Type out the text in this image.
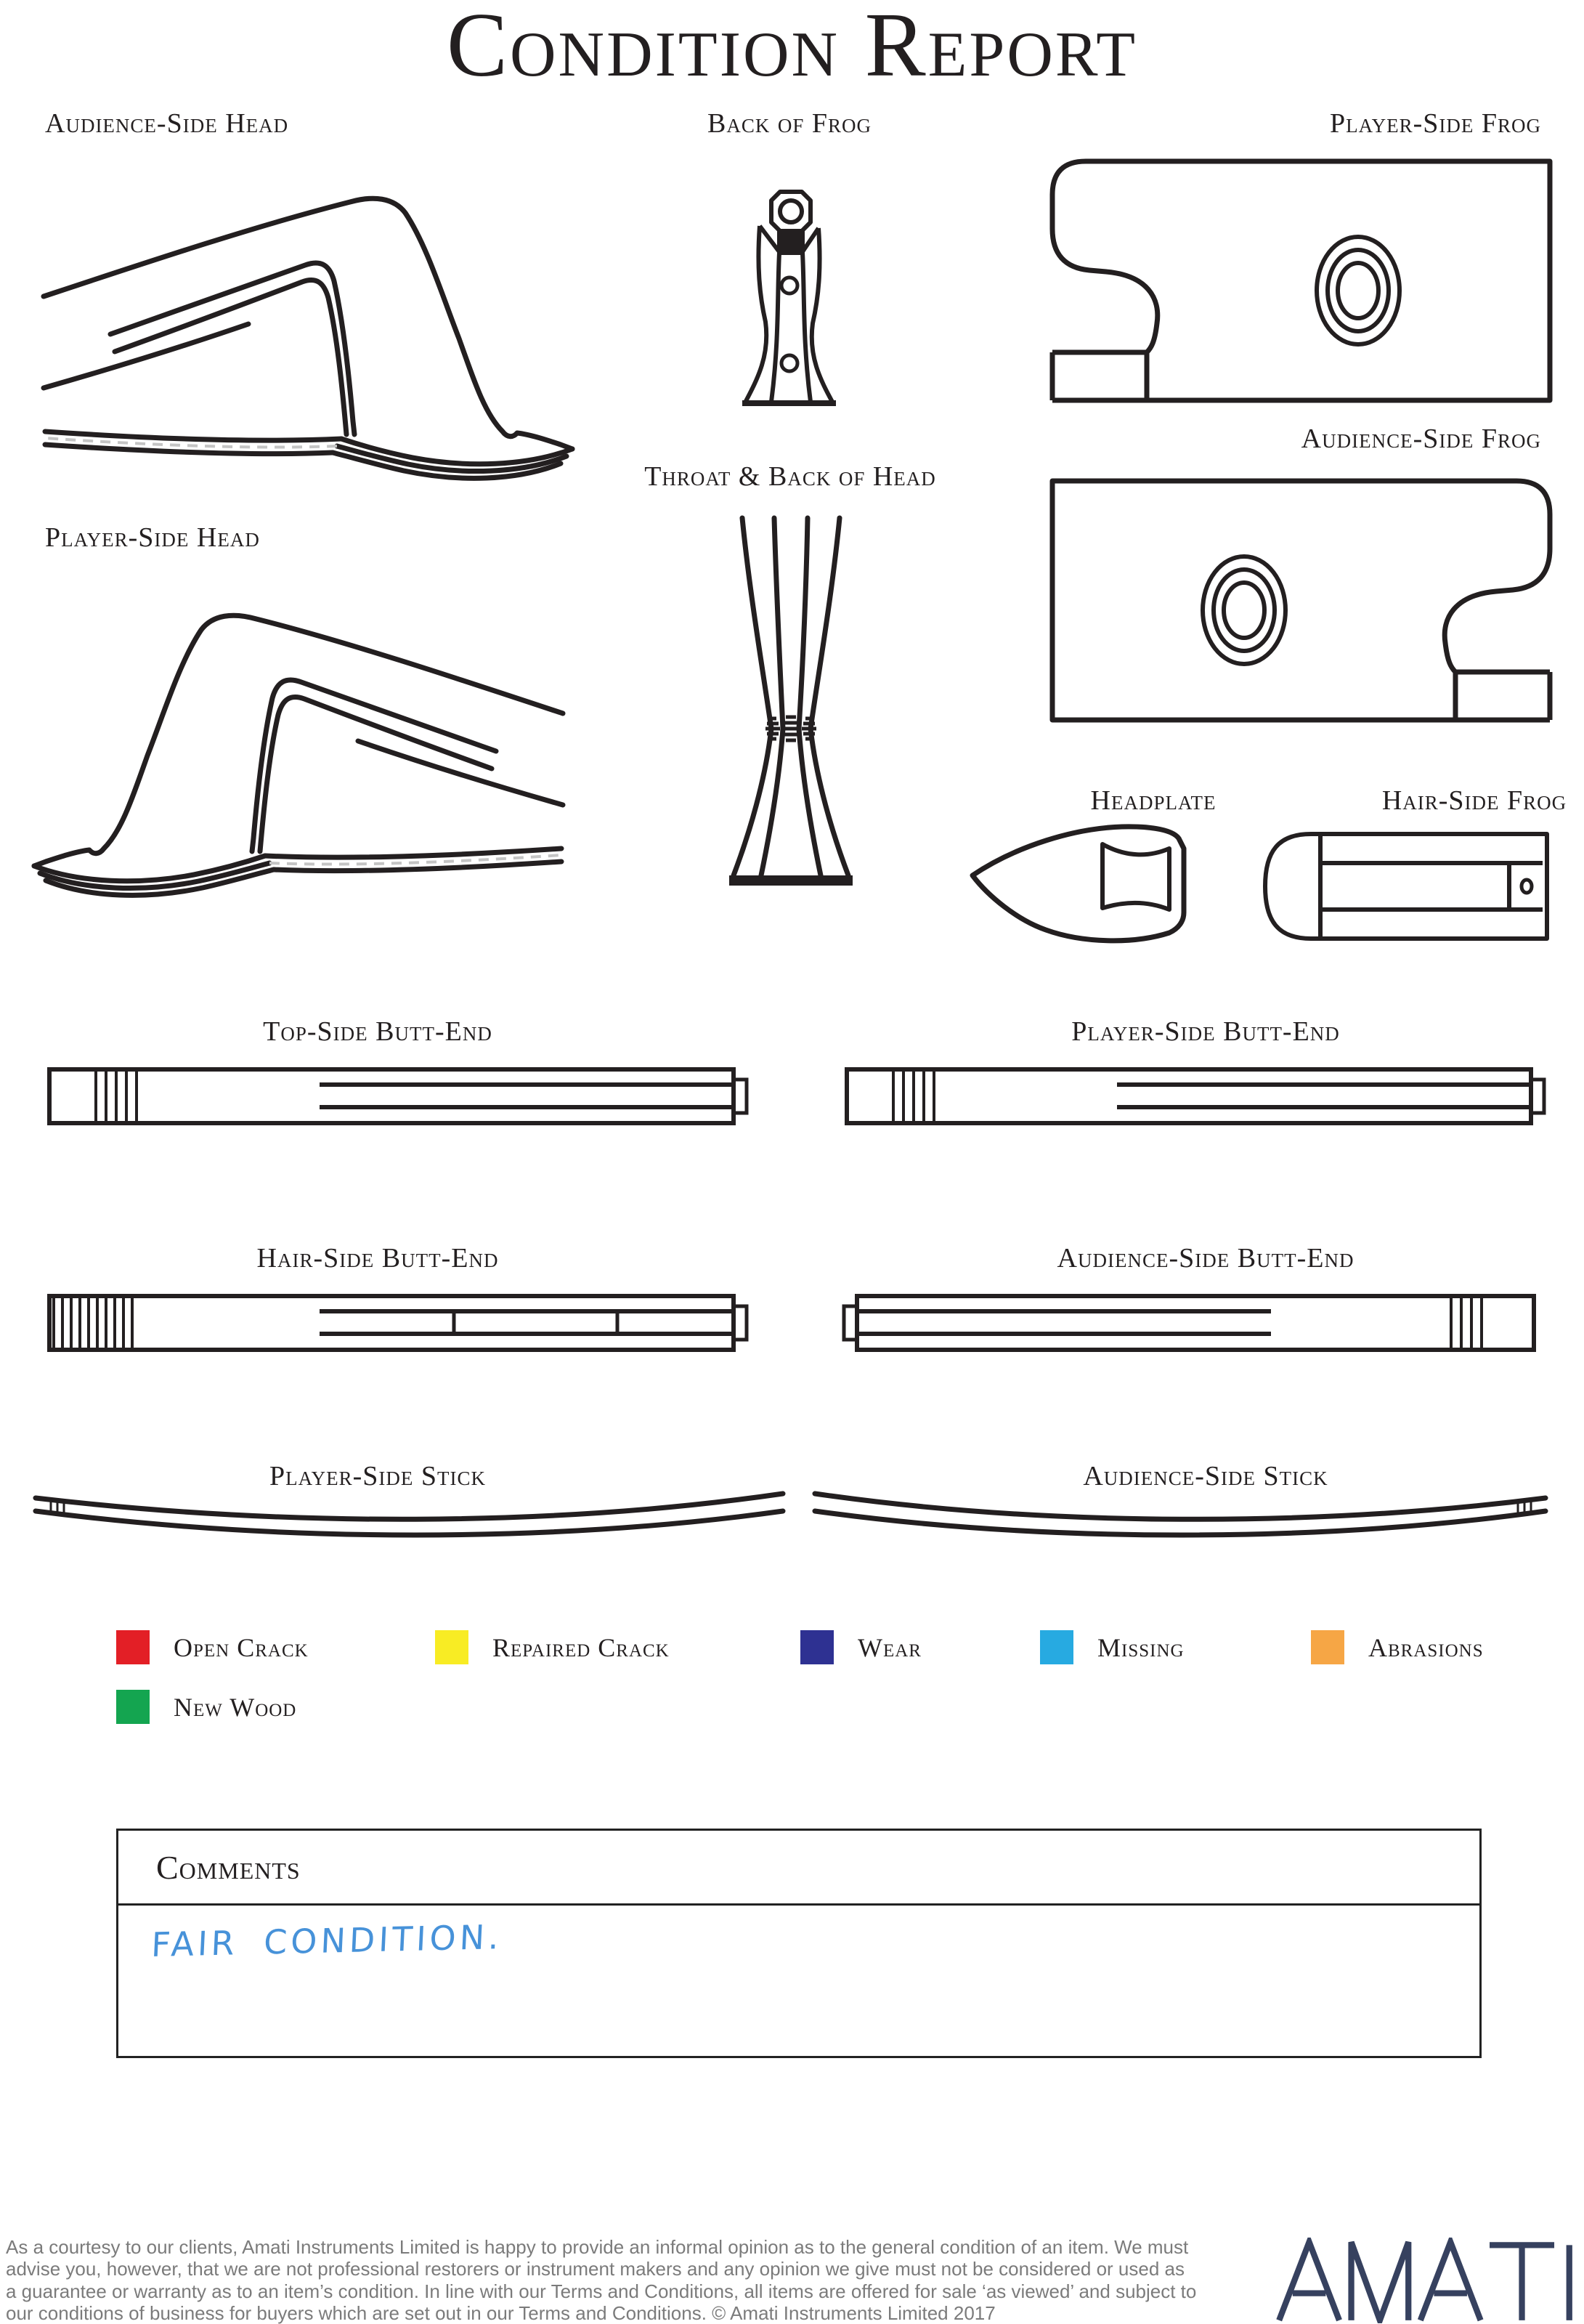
Condition Report
Audience-Side Head	Back of Frog	Player-Side Frog
Audience-Side Frog
Player-Side Head
Throat & Back of Head
Headplate	Hair-Side Frog
Top-Side Butt-End	Player-Side Butt-End
Hair-Side Butt-End	Audience-Side Butt-End
Player-Side Stick	Audience-Side Stick
Open Crack	Repaired Crack	Wear	Missing	Abrasions
New Wood
Comments
FAIR CONDITION.
As a courtesy to our clients, Amati Instruments Limited is happy to provide an informal opinion as to the general condition of an item. We must
advise you, however, that we are not professional restorers or instrument makers and any opinion we give must not be considered or used as
a guarantee or warranty as to an item’s condition. In line with our Terms and Conditions, all items are offered for sale ‘as viewed’ and subject to
our conditions of business for buyers which are set out in our Terms and Conditions. © Amati Instruments Limited 2017
